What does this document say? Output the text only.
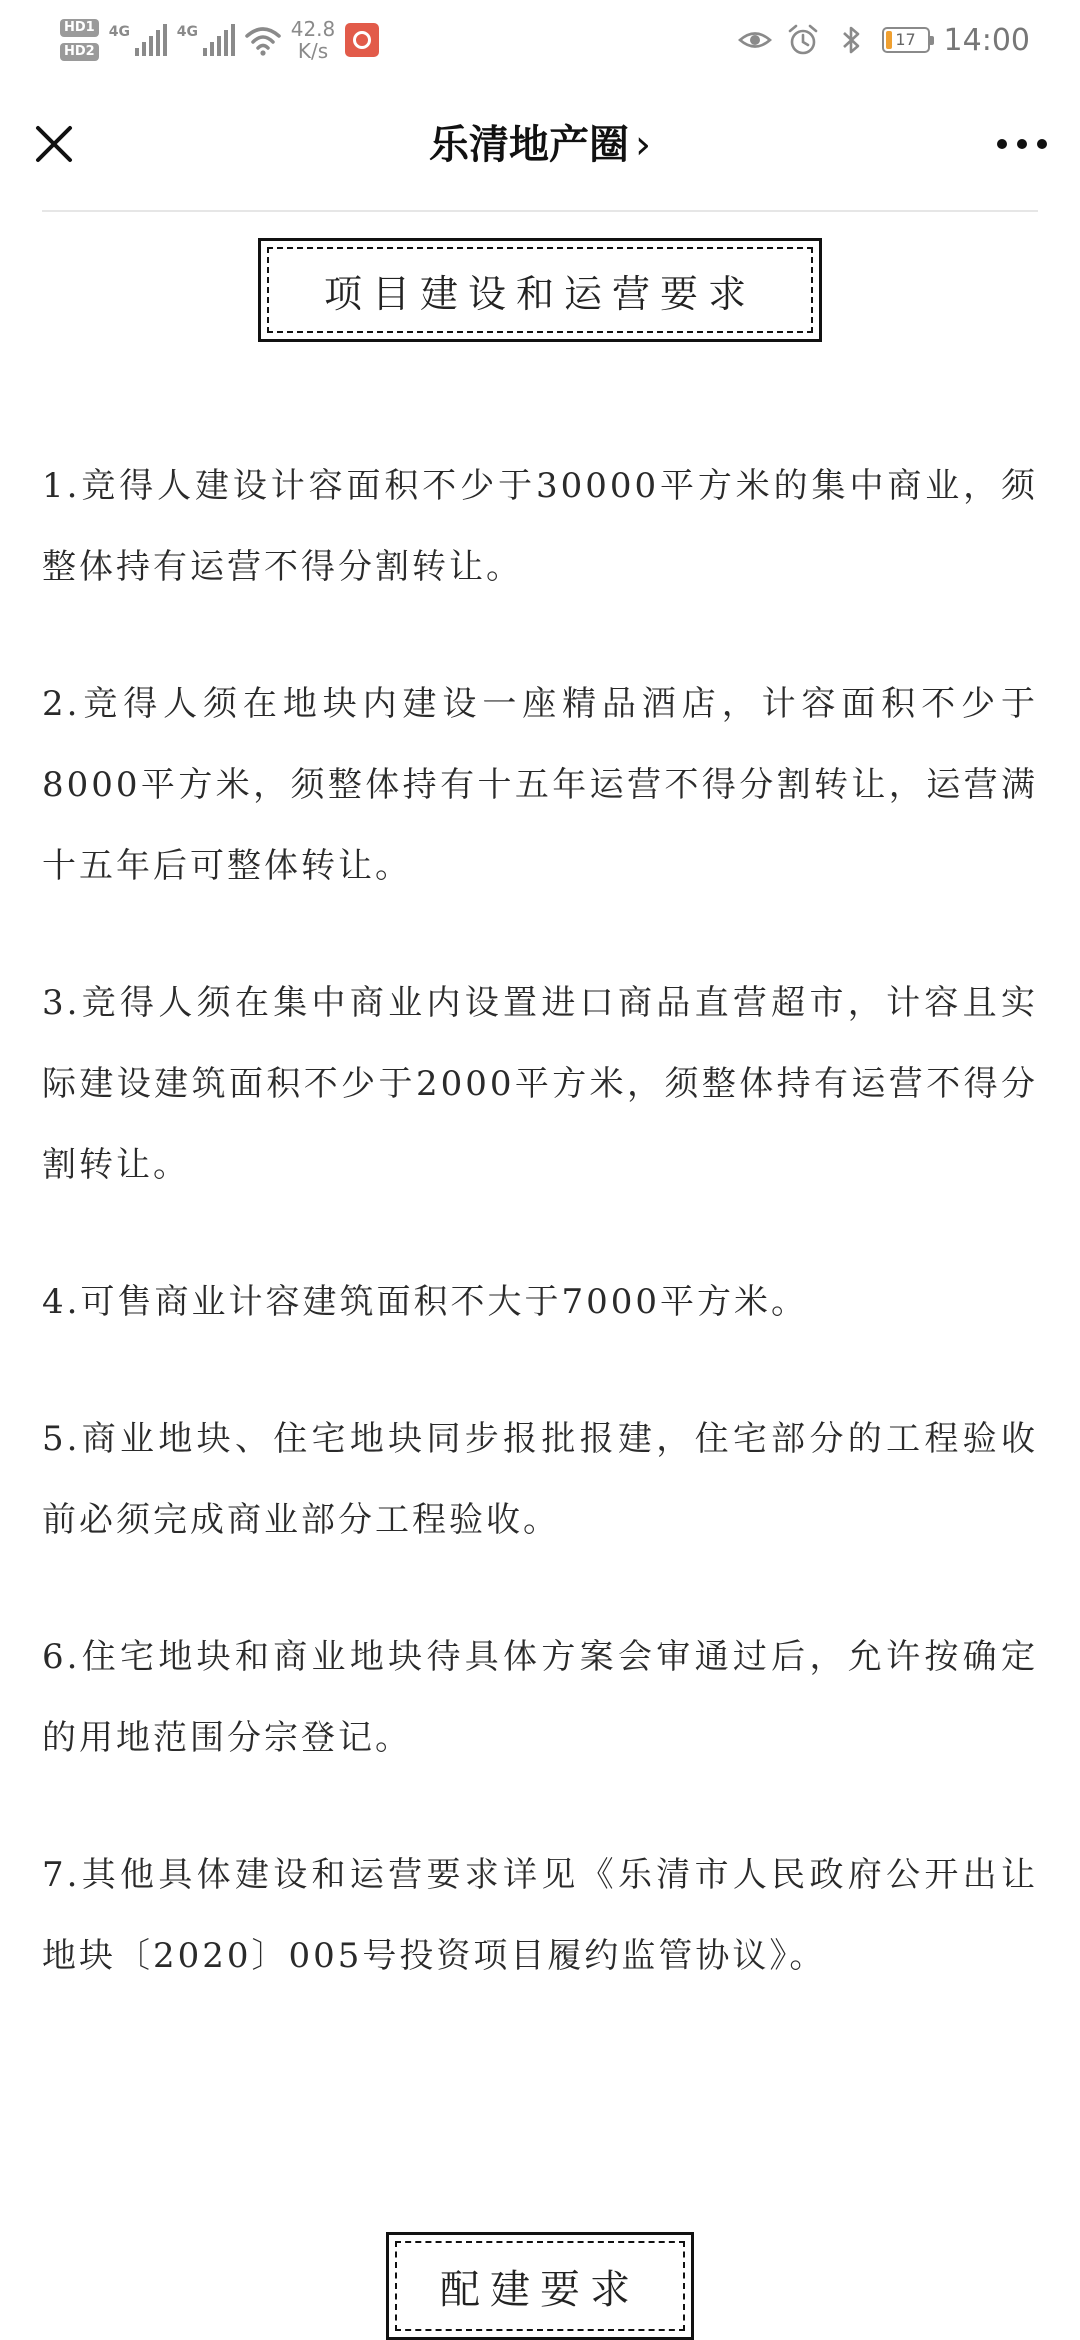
HD1
HD2
4G	4G	42.8
K/s	17 14:00
乐清地产圈 ›
项目建设和运营要求
1.竞得人建设计容面积不少于30000平方米的集中商业，须整体持有运营不得分割转让。
2.竞得人须在地块内建设一座精品酒店，计容面积不少于8000平方米，须整体持有十五年运营不得分割转让，运营满十五年后可整体转让。
3.竞得人须在集中商业内设置进口商品直营超市，计容且实际建设建筑面积不少于2000平方米，须整体持有运营不得分割转让。
4.可售商业计容建筑面积不大于7000平方米。
5.商业地块、住宅地块同步报批报建，住宅部分的工程验收前必须完成商业部分工程验收。
6.住宅地块和商业地块待具体方案会审通过后，允许按确定的用地范围分宗登记。
7.其他具体建设和运营要求详见《乐清市人民政府公开出让地块〔2020〕005号投资项目履约监管协议》。
配建要求
